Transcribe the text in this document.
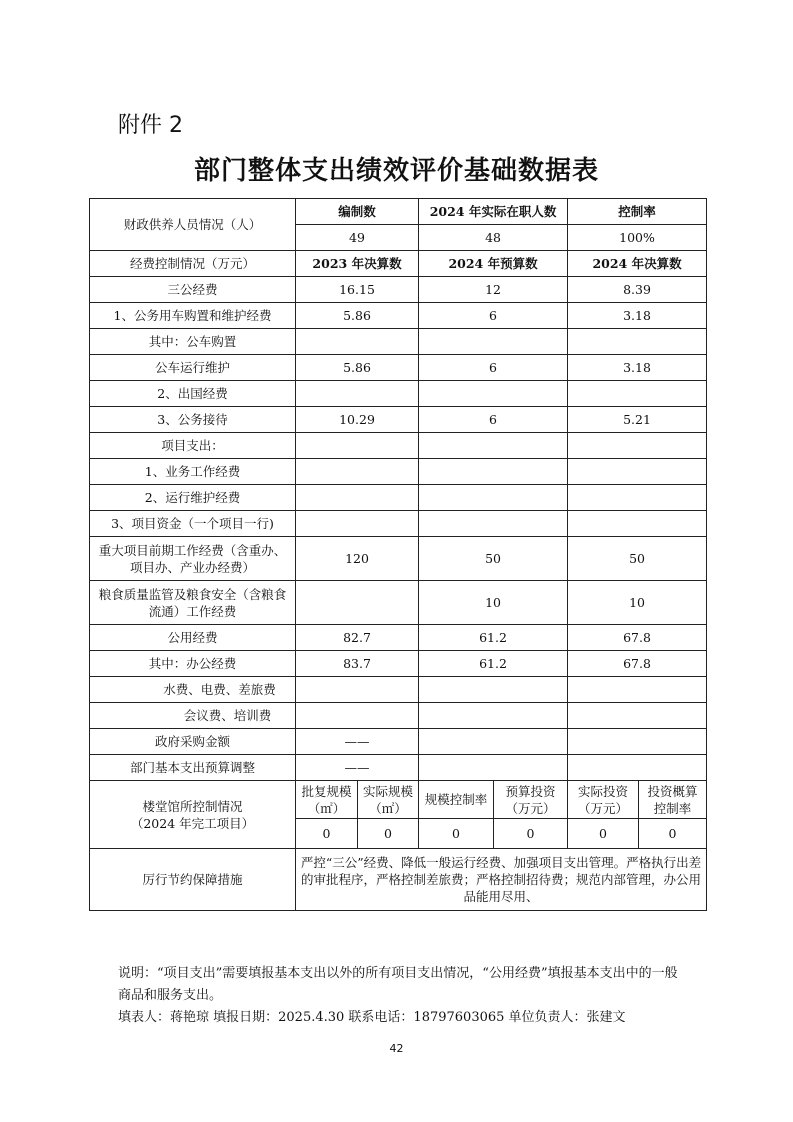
附件 2
部门整体支出绩效评价基础数据表
财政供养人员情况（人）	编制数		2024 年实际在职人数		控制率	
	49		48		100%	
经费控制情况（万元）	2023 年决算数		2024 年预算数		2024 年决算数	
三公经费	16.15		12		8.39	
1、公务用车购置和维护经费	5.86		6		3.18	
其中：公车购置						
公车运行维护	5.86		6		3.18	
2、出国经费						
3、公务接待	10.29		6		5.21	
项目支出：						
1、业务工作经费						
2、运行维护经费						
3、项目资金（一个项目一行)						
重大项目前期工作经费（含重办、项目办、产业办经费）	120		50		50	
粮食质量监管及粮食安全（含粮食流通）工作经费			10		10	
公用经费	82.7		61.2		67.8	
其中：办公经费	83.7		61.2		67.8	
水费、电费、差旅费						
会议费、培训费						
政府采购金额	——					
部门基本支出预算调整	——					

楼堂馆所控制情况
（2024 年完工项目）	批复规模（㎡）	实际规模（㎡）	规模控制率	预算投资（万元）	实际投资（万元）	投资概算控制率
	0	0	0	0	0	0
厉行节约保障措施	严控“三公”经费、降低一般运行经费、加强项目支出管理。严格执行出差的审批程序，严格控制差旅费；严格控制招待费；规范内部管理，办公用品能用尽用、					
说明：“项目支出”需要填报基本支出以外的所有项目支出情况，“公用经费”填报基本支出中的一般商品和服务支出。
填表人：蒋艳琼 填报日期：2025.4.30 联系电话：18797603065 单位负责人：张建文
42
